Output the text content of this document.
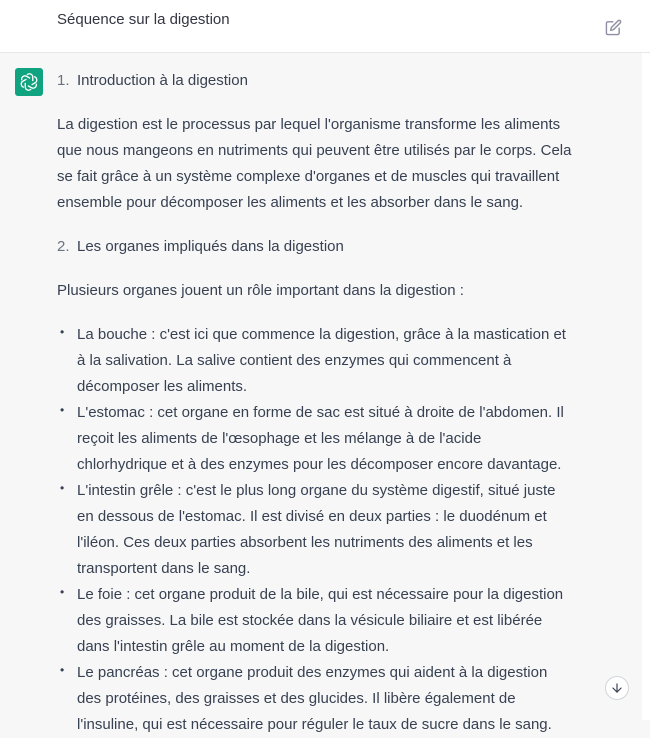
Séquence sur la digestion
1. Introduction à la digestion

La digestion est le processus par lequel l'organisme transforme les aliments que nous mangeons en nutriments qui peuvent être utilisés par le corps. Cela se fait grâce à un système complexe d'organes et de muscles qui travaillent ensemble pour décomposer les aliments et les absorber dans le sang.

2. Les organes impliqués dans la digestion

Plusieurs organes jouent un rôle important dans la digestion :

• La bouche : c'est ici que commence la digestion, grâce à la mastication et à la salivation. La salive contient des enzymes qui commencent à décomposer les aliments.
• L'estomac : cet organe en forme de sac est situé à droite de l'abdomen. Il reçoit les aliments de l'œsophage et les mélange à de l'acide chlorhydrique et à des enzymes pour les décomposer encore davantage.
• L'intestin grêle : c'est le plus long organe du système digestif, situé juste en dessous de l'estomac. Il est divisé en deux parties : le duodénum et l'iléon. Ces deux parties absorbent les nutriments des aliments et les transportent dans le sang.
• Le foie : cet organe produit de la bile, qui est nécessaire pour la digestion des graisses. La bile est stockée dans la vésicule biliaire et est libérée dans l'intestin grêle au moment de la digestion.
• Le pancréas : cet organe produit des enzymes qui aident à la digestion des protéines, des graisses et des glucides. Il libère également de l'insuline, qui est nécessaire pour réguler le taux de sucre dans le sang.
